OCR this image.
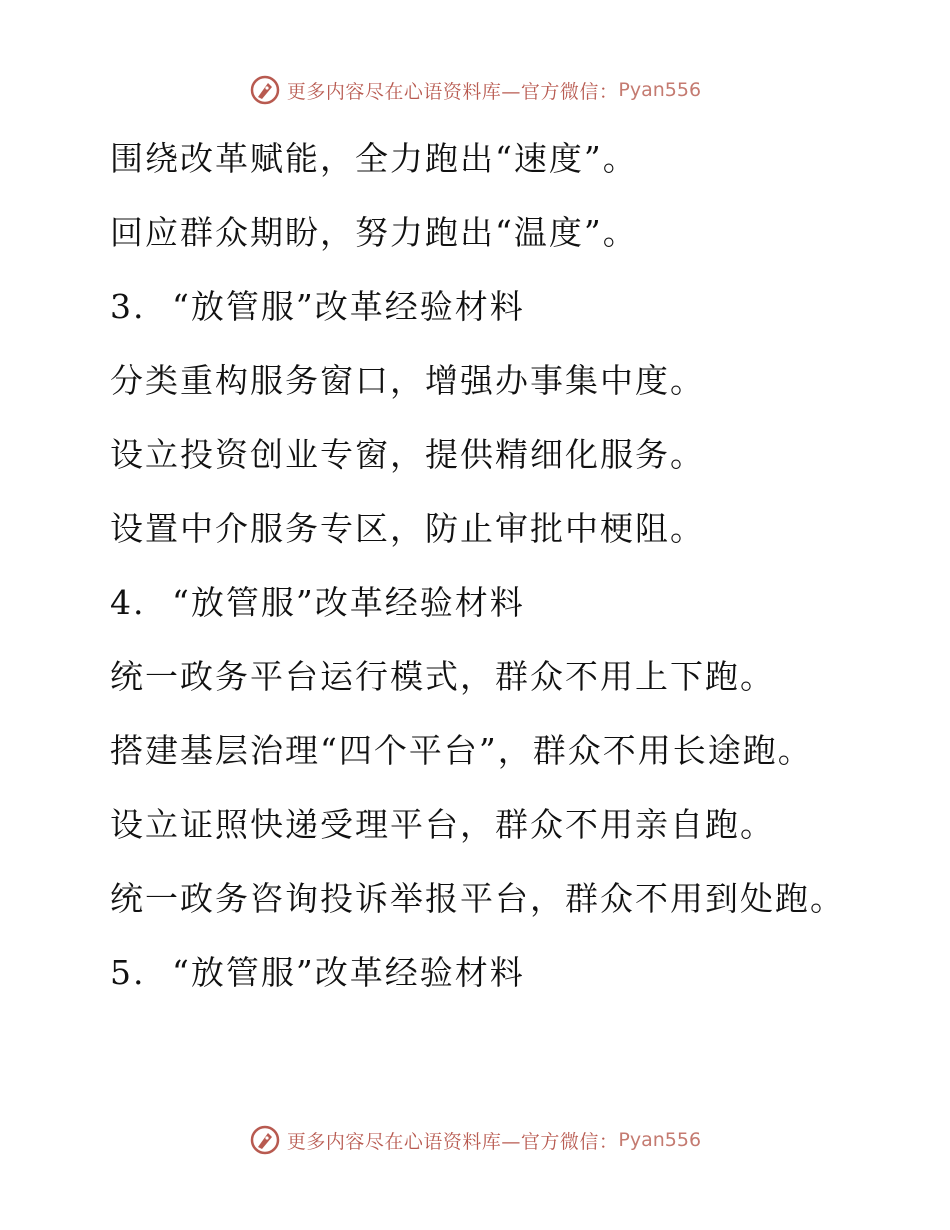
更多内容尽在心语资料库—官方微信： Pyan556
围绕改革赋能，全力跑出“速度”。
回应群众期盼，努力跑出“温度”。
3. “放管服”改革经验材料
分类重构服务窗口，增强办事集中度。
设立投资创业专窗，提供精细化服务。
设置中介服务专区，防止审批中梗阻。
4. “放管服”改革经验材料
统一政务平台运行模式，群众不用上下跑。
搭建基层治理“四个平台”，群众不用长途跑。
设立证照快递受理平台，群众不用亲自跑。
统一政务咨询投诉举报平台，群众不用到处跑。
5. “放管服”改革经验材料
更多内容尽在心语资料库—官方微信： Pyan556
